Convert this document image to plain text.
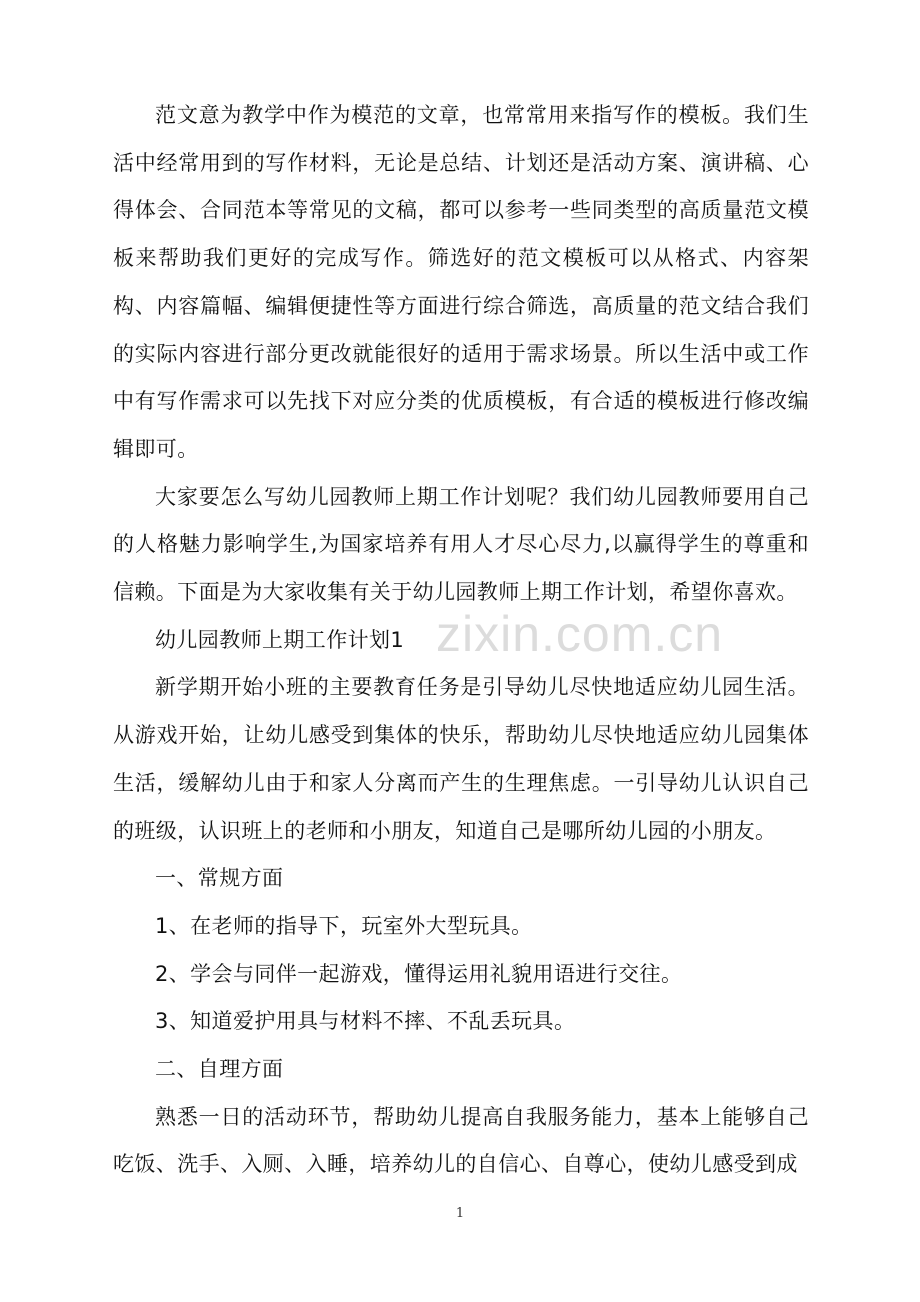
范文意为教学中作为模范的文章，也常常用来指写作的模板。我们生活中经常用到的写作材料，无论是总结、计划还是活动方案、演讲稿、心得体会、合同范本等常见的文稿，都可以参考一些同类型的高质量范文模板来帮助我们更好的完成写作。筛选好的范文模板可以从格式、内容架构、内容篇幅、编辑便捷性等方面进行综合筛选，高质量的范文结合我们的实际内容进行部分更改就能很好的适用于需求场景。所以生活中或工作中有写作需求可以先找下对应分类的优质模板，有合适的模板进行修改编辑即可。

大家要怎么写幼儿园教师上期工作计划呢？我们幼儿园教师要用自己的人格魅力影响学生,为国家培养有用人才尽心尽力,以赢得学生的尊重和信赖。下面是为大家收集有关于幼儿园教师上期工作计划，希望你喜欢。

幼儿园教师上期工作计划1

新学期开始小班的主要教育任务是引导幼儿尽快地适应幼儿园生活。从游戏开始，让幼儿感受到集体的快乐，帮助幼儿尽快地适应幼儿园集体生活，缓解幼儿由于和家人分离而产生的生理焦虑。一引导幼儿认识自己的班级，认识班上的老师和小朋友，知道自己是哪所幼儿园的小朋友。

一、常规方面

1、在老师的指导下，玩室外大型玩具。

2、学会与同伴一起游戏，懂得运用礼貌用语进行交往。

3、知道爱护用具与材料不摔、不乱丢玩具。

二、自理方面

熟悉一日的活动环节，帮助幼儿提高自我服务能力，基本上能够自己吃饭、洗手、入厕、入睡，培养幼儿的自信心、自尊心，使幼儿感受到成

zixin.com.cn
1
